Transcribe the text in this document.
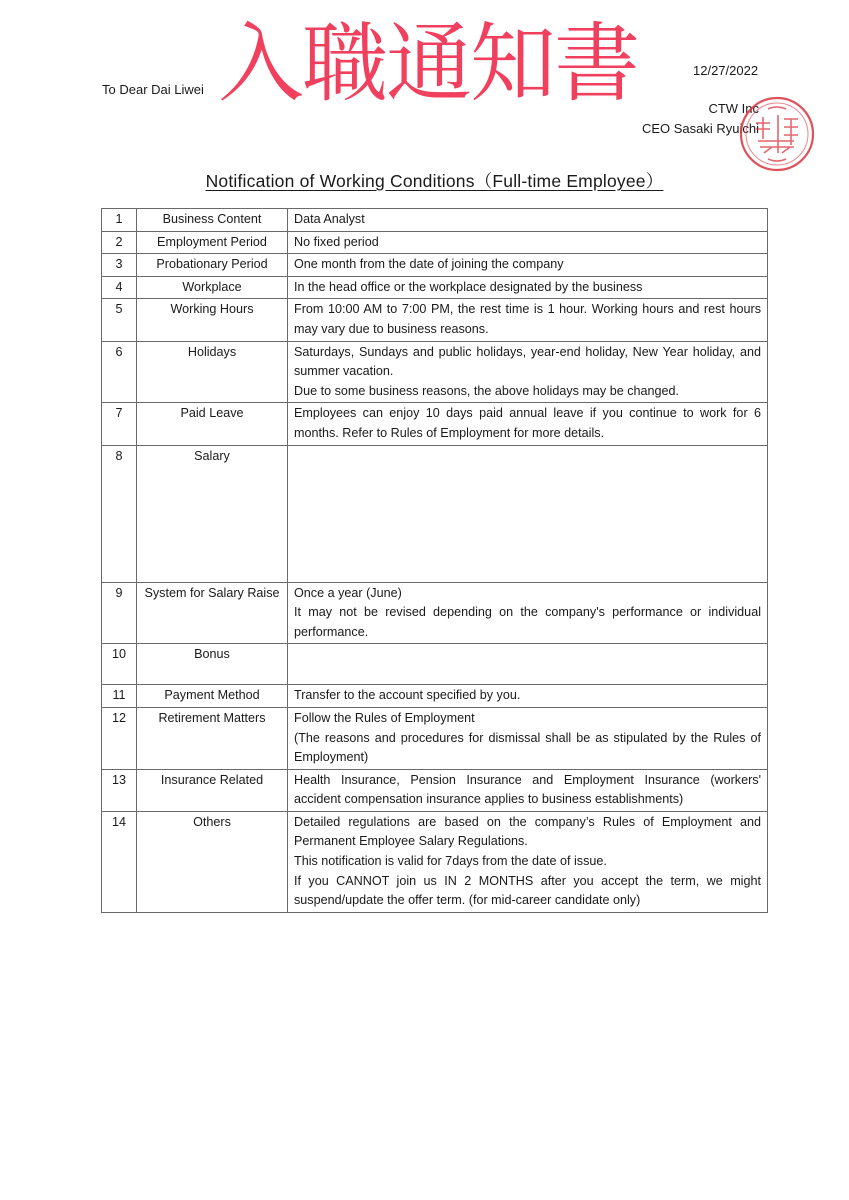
入職通知書
To Dear Dai Liwei
12/27/2022
CTW Inc
CEO Sasaki Ryuichi
Notification of Working Conditions（Full-time Employee）
1	Business Content	Data Analyst

2	Employment Period	No fixed period

3	Probationary Period	One month from the date of joining the company

4	Workplace	In the head office or the workplace designated by the business

5	Working Hours	From 10:00 AM to 7:00 PM, the rest time is 1 hour. Working hours and rest hours may vary due to business reasons.

6	Holidays	Saturdays, Sundays and public holidays, year-end holiday, New Year holiday, and summer vacation.
Due to some business reasons, the above holidays may be changed.

7	Paid Leave	Employees can enjoy 10 days paid annual leave if you continue to work for 6 months. Refer to Rules of Employment for more details.

8	Salary	
9	System for Salary Raise	Once a year (June)
It may not be revised depending on the company's performance or individual performance.

10	Bonus	
11	Payment Method	Transfer to the account specified by you.

12	Retirement Matters	Follow the Rules of Employment
(The reasons and procedures for dismissal shall be as stipulated by the Rules of Employment)

13	Insurance Related	Health Insurance, Pension Insurance and Employment Insurance (workers' accident compensation insurance applies to business establishments)

14	Others	Detailed regulations are based on the company’s Rules of Employment and Permanent Employee Salary Regulations.
This notification is valid for 7days from the date of issue.
If you CANNOT join us IN 2 MONTHS after you accept the term, we might suspend/update the offer term. (for mid-career candidate only)
